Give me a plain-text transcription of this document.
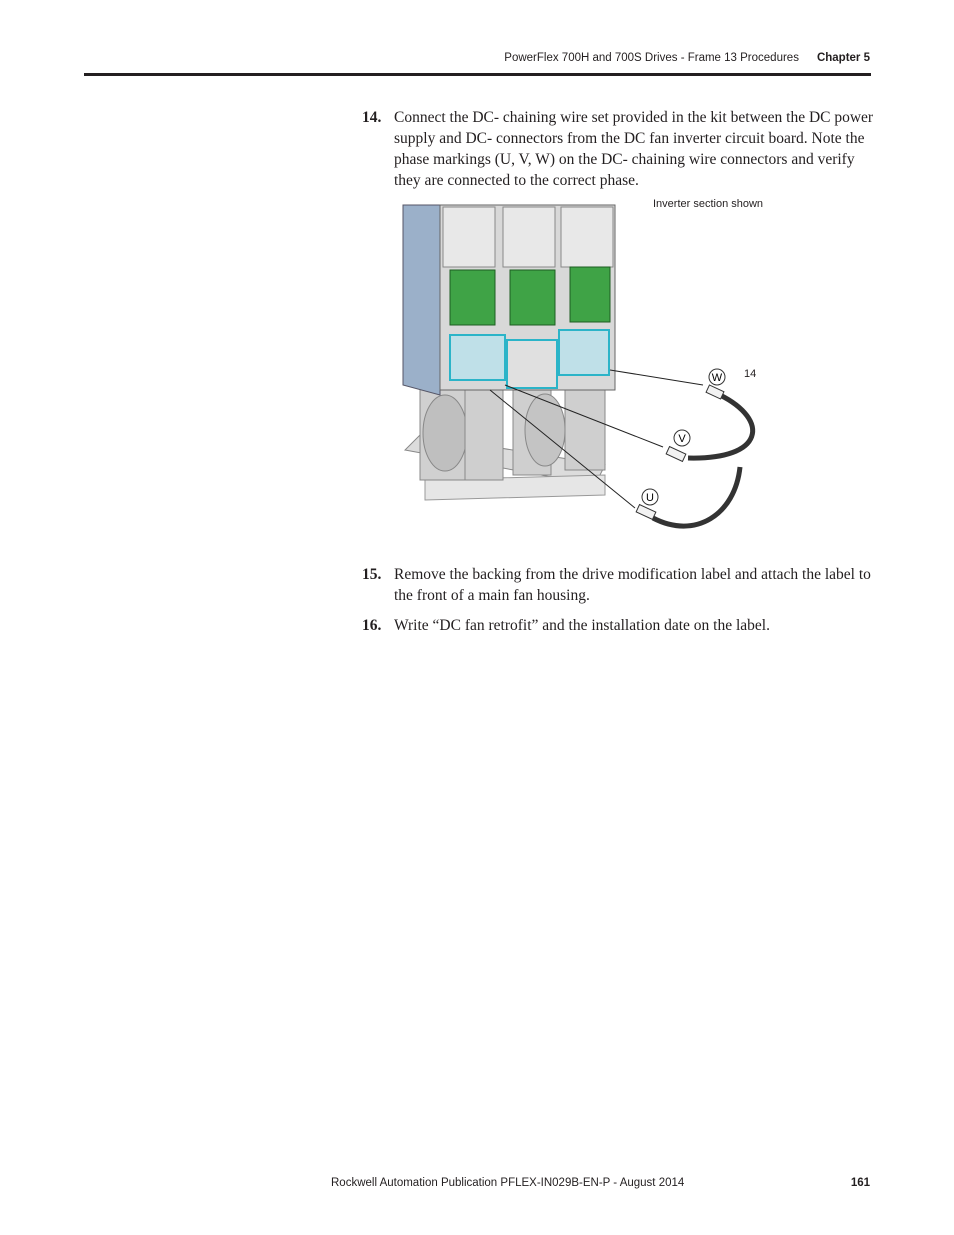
PowerFlex 700H and 700S Drives - Frame 13 Procedures Chapter 5
14. Connect the DC- chaining wire set provided in the kit between the DC power supply and DC- connectors from the DC fan inverter circuit board. Note the phase markings (U, V, W) on the DC- chaining wire connectors and verify they are connected to the correct phase.
Inverter section shown
14
W
V
U
15. Remove the backing from the drive modification label and attach the label to the front of a main fan housing.
16. Write “DC fan retrofit” and the installation date on the label.
Rockwell Automation Publication PFLEX-IN029B-EN-P - August 2014	161
